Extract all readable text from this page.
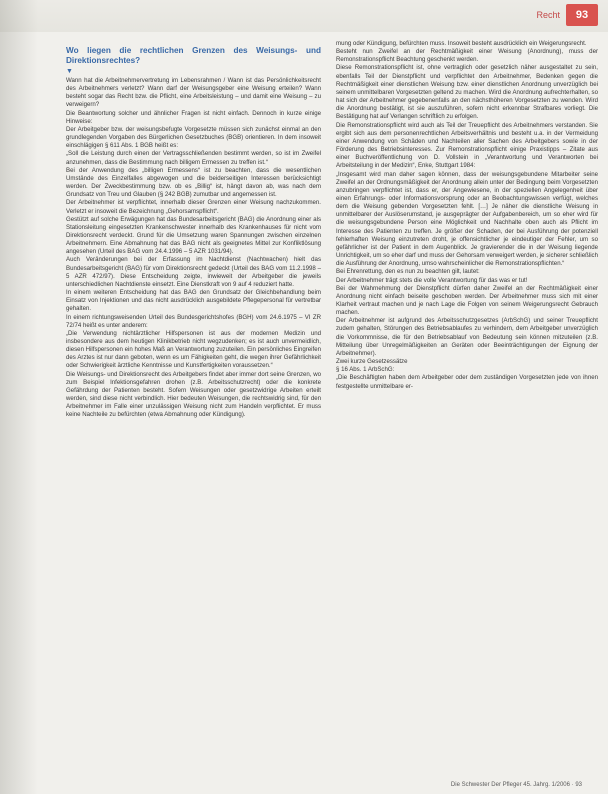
Recht	93
Wo liegen die rechtlichen Grenzen des Weisungs- und Direktionsrechtes?
▼

Wann hat die Arbeitnehmervertretung im Lebensrahmen / Wann ist das Persönlichkeitsrecht des Arbeitnehmers verletzt? Wann darf der Weisungsgeber eine Weisung erteilen? Wann besteht sogar das Recht bzw. die Pflicht, eine Arbeitsleistung – und damit eine Weisung – zu verweigern?

Die Beantwortung solcher und ähnlicher Fragen ist nicht einfach. Dennoch in kurze einige Hinweise:

Der Arbeitgeber bzw. der weisungsbefugte Vorgesetzte müssen sich zunächst einmal an den grundlegenden Vorgaben des Bürgerlichen Gesetzbuches (BGB) orientieren. In dem insoweit einschlägigen § 611 Abs. 1 BGB heißt es:

„Soll die Leistung durch einen der Vertragsschließenden bestimmt werden, so ist im Zweifel anzunehmen, dass die Bestimmung nach billigem Ermessen zu treffen ist.“

Bei der Anwendung des „billigen Ermessens“ ist zu beachten, dass die wesentlichen Umstände des Einzelfalles abgewogen und die beiderseitigen Interessen berücksichtigt werden. Der Zweckbestimmung bzw. ob es „Billig“ ist, hängt davon ab, was nach dem Grundsatz von Treu und Glauben (§ 242 BGB) zumutbar und angemessen ist.

Der Arbeitnehmer ist verpflichtet, innerhalb dieser Grenzen einer Weisung nachzukommen. Verletzt er insoweit die Bezeichnung „Gehorsamspflicht“.

Gestützt auf solche Erwägungen hat das Bundesarbeitsgericht (BAG) die Anordnung einer als Stationsleitung eingesetzten Krankenschwester innerhalb des Krankenhauses für nicht vom Direktionsrecht verdeckt. Grund für die Umsetzung waren Spannungen zwischen einzelnen Arbeitnehmern. Eine Abmahnung hat das BAG nicht als geeignetes Mittel zur Konfliktlösung angesehen (Urteil des BAG vom 24.4.1996 – 5 AZR 1031/94).

Auch Veränderungen bei der Erfassung im Nachtdienst (Nachtwachen) hielt das Bundesarbeitsgericht (BAG) für vom Direktionsrecht gedeckt (Urteil des BAG vom 11.2.1998 – 5 AZR 472/97). Diese Entscheidung zeigte, inwieweit der Arbeitgeber die jeweils unterschiedlichen Nachtdienste einsetzt. Eine Dienstkraft von 9 auf 4 reduziert hatte.

In einem weiteren Entscheidung hat das BAG den Grundsatz der Gleichbehandlung beim Einsatz von Injektionen und das nicht ausdrücklich ausgebildete Pflegepersonal für vertretbar gehalten.

In einem richtungsweisenden Urteil des Bundesgerichtshofes (BGH) vom 24.6.1975 – VI ZR 72/74 heißt es unter anderem:

„Die Verwendung nichtärztlicher Hilfspersonen ist aus der modernen Medizin und insbesondere aus dem heutigen Klinikbetrieb nicht wegzudenken; es ist auch unvermeidlich, diesen Hilfspersonen ein hohes Maß an Verantwortung zuzuteilen. Ein persönliches Eingreifen des Arztes ist nur dann geboten, wenn es um Fähigkeiten geht, die wegen ihrer Gefährlichkeit oder Schwierigkeit ärztliche Kenntnisse und Kunstfertigkeiten voraussetzen.“

Die Weisungs- und Direktionsrecht des Arbeitgebers findet aber immer dort seine Grenzen, wo zum Beispiel Infektionsgefahren drohen (z.B. Arbeitsschutzrecht) oder die konkrete Gefährdung der Patienten besteht. Sofern Weisungen oder gesetzwidrige Arbeiten erteilt werden, sind diese nicht verbindlich. Hier bedeuten Weisungen, die rechtswidrig sind, für den Arbeitnehmer im Falle einer unzulässigen Weisung nicht zum Handeln verpflichtet. Er muss keine Nachteile zu befürchten (etwa Abmahnung oder Kündigung).

mung oder Kündigung, befürchten muss. Insoweit besteht ausdrücklich ein Weigerungsrecht.

Besteht nun Zweifel an der Rechtmäßigkeit einer Weisung (Anordnung), muss der Remonstrationspflicht Beachtung geschenkt werden.

Diese Remonstrationspflicht ist, ohne vertraglich oder gesetzlich näher ausgestaltet zu sein, ebenfalls Teil der Dienstpflicht und verpflichtet den Arbeitnehmer, Bedenken gegen die Rechtmäßigkeit einer dienstlichen Weisung bzw. einer dienstlichen Anordnung unverzüglich bei seinem unmittelbaren Vorgesetzten geltend zu machen. Wird die Anordnung aufrechterhalten, so hat sich der Arbeitnehmer gegebenenfalls an den nächsthöheren Vorgesetzten zu wenden. Wird die Anordnung bestätigt, ist sie auszuführen, sofern nicht erkennbar Strafbares vorliegt. Die Bestätigung hat auf Verlangen schriftlich zu erfolgen.

Die Remonstrationspflicht wird auch als Teil der Treuepflicht des Arbeitnehmers verstanden. Sie ergibt sich aus dem personenrechtlichen Arbeitsverhältnis und besteht u.a. in der Vermeidung einer Anwendung von Schäden und Nachteilen aller Sachen des Arbeitgebers sowie in der Förderung des Betriebsinteresses. Zur Remonstrationspflicht einige Praxistipps – Zitate aus einer Buchveröffentlichung von D. Vollstein in „Verantwortung und Verantworten bei Arbeitsteilung in der Medizin“, Enke, Stuttgart 1984:

„Insgesamt wird man daher sagen können, dass der weisungsgebundene Mitarbeiter seine Zweifel an der Ordnungsmäßigkeit der Anordnung allein unter der Bedingung beim Vorgesetzten anzubringen verpflichtet ist, dass er, der Angewiesene, in der speziellen Angelegenheit über einen Erfahrungs- oder Informationsvorsprung oder an Beobachtungswissen verfügt, welches dem die Weisung gebenden Vorgesetzten fehlt. […] Je näher die dienstliche Weisung in unmittelbarer der Auslöserumstand, je ausgeprägter der Aufgabenbereich, um so eher wird für die weisungsgebundene Person eine Möglichkeit und Nachhalte oben auch als Pflicht im Interesse des Patienten zu treffen. Je größer der Schaden, der bei Ausführung der potenziell fehlerhaften Weisung einzutreten droht, je offensichtlicher je eindeutiger der Fehler, um so gefährlicher ist der Patient in dem Augenblick. Je gravierender die in der Weisung liegende Unrichtigkeit, um so eher darf und muss der Gehorsam verweigert werden, je sicherer schließlich die Ausführung der Anordnung, umso wahrscheinlicher die Remonstrationspflichten.“

Bei Ehrenrettung, den es nun zu beachten gilt, lautet:

Der Arbeitnehmer trägt stets die volle Verantwortung für das was er tut!

Bei der Wahrnehmung der Dienstpflicht dürfen daher Zweifel an der Rechtmäßigkeit einer Anordnung nicht einfach beiseite geschoben werden. Der Arbeitnehmer muss sich mit einer Klarheit vertraut machen und je nach Lage die Folgen von seinem Weigerungsrecht Gebrauch machen.

Der Arbeitnehmer ist aufgrund des Arbeitsschutzgesetzes (ArbSchG) und seiner Treuepflicht zudem gehalten, Störungen des Betriebsablaufes zu verhindern, dem Arbeitgeber unverzüglich die Vorkommnisse, die für den Betriebsablauf von Bedeutung sein können mitzuteilen (z.B. Mitteilung über Unregelmäßigkeiten an Geräten oder Beeinträchtigungen der Eignung der Arbeitnehmer).

Zwei kurze Gesetzessätze

§ 16 Abs. 1 ArbSchG:

„Die Beschäftigten haben dem Arbeitgeber oder dem zuständigen Vorgesetzten jede von ihnen festgestellte unmittelbare er-

Die Schwester Der Pfleger 45. Jahrg. 1/2006 · 93
